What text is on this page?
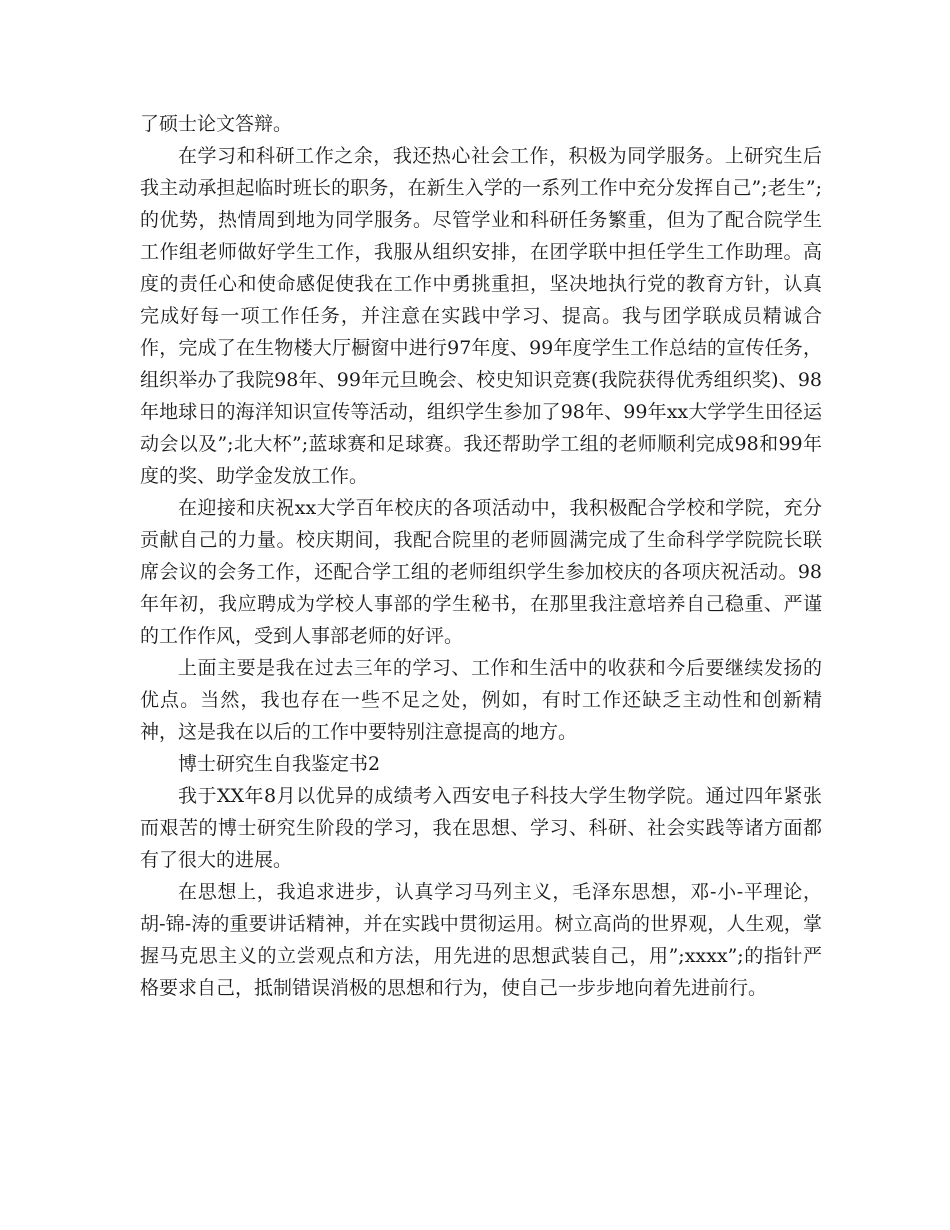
了硕士论文答辩。

在学习和科研工作之余，我还热心社会工作，积极为同学服务。上研究生后我主动承担起临时班长的职务，在新生入学的一系列工作中充分发挥自己”;老生”;的优势，热情周到地为同学服务。尽管学业和科研任务繁重，但为了配合院学生工作组老师做好学生工作，我服从组织安排，在团学联中担任学生工作助理。高度的责任心和使命感促使我在工作中勇挑重担，坚决地执行党的教育方针，认真完成好每一项工作任务，并注意在实践中学习、提高。我与团学联成员精诚合作，完成了在生物楼大厅橱窗中进行97年度、99年度学生工作总结的宣传任务，组织举办了我院98年、99年元旦晚会、校史知识竞赛(我院获得优秀组织奖)、98年地球日的海洋知识宣传等活动，组织学生参加了98年、99年xx大学学生田径运动会以及”;北大杯”;蓝球赛和足球赛。我还帮助学工组的老师顺利完成98和99年度的奖、助学金发放工作。

在迎接和庆祝xx大学百年校庆的各项活动中，我积极配合学校和学院，充分贡献自己的力量。校庆期间，我配合院里的老师圆满完成了生命科学学院院长联席会议的会务工作，还配合学工组的老师组织学生参加校庆的各项庆祝活动。98年年初，我应聘成为学校人事部的学生秘书，在那里我注意培养自己稳重、严谨的工作作风，受到人事部老师的好评。

上面主要是我在过去三年的学习、工作和生活中的收获和今后要继续发扬的优点。当然，我也存在一些不足之处，例如，有时工作还缺乏主动性和创新精神，这是我在以后的工作中要特别注意提高的地方。

博士研究生自我鉴定书2

我于XX年8月以优异的成绩考入西安电子科技大学生物学院。通过四年紧张而艰苦的博士研究生阶段的学习，我在思想、学习、科研、社会实践等诸方面都有了很大的进展。

在思想上，我追求进步，认真学习马列主义，毛泽东思想，邓-小-平理论，胡-锦-涛的重要讲话精神，并在实践中贯彻运用。树立高尚的世界观，人生观，掌握马克思主义的立尝观点和方法，用先进的思想武装自己，用”;xxxx”;的指针严格要求自己，抵制错误消极的思想和行为，使自己一步步地向着先进前行。
